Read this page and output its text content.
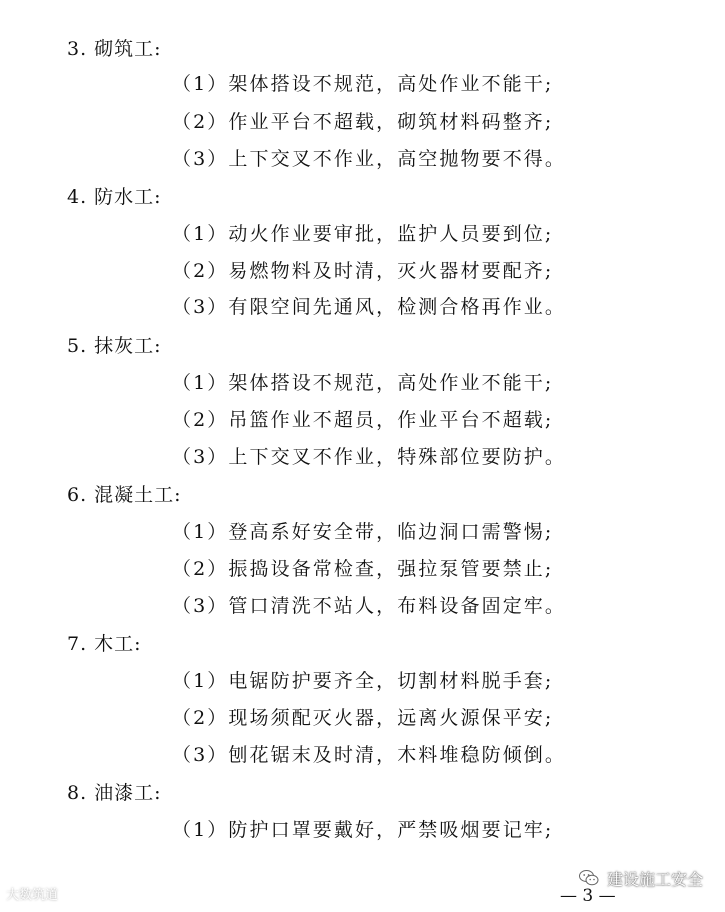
3. 砌筑工:
（1）架体搭设不规范，高处作业不能干;
（2）作业平台不超载，砌筑材料码整齐;
（3）上下交叉不作业，高空抛物要不得。
4. 防水工:
（1）动火作业要审批，监护人员要到位;
（2）易燃物料及时清，灭火器材要配齐;
（3）有限空间先通风，检测合格再作业。
5. 抹灰工:
（1）架体搭设不规范，高处作业不能干;
（2）吊篮作业不超员，作业平台不超载;
（3）上下交叉不作业，特殊部位要防护。
6. 混凝土工:
（1）登高系好安全带，临边洞口需警惕;
（2）振捣设备常检查，强拉泵管要禁止;
（3）管口清洗不站人，布料设备固定牢。
7. 木工:
（1）电锯防护要齐全，切割材料脱手套;
（2）现场须配灭火器，远离火源保平安;
（3）刨花锯末及时清，木料堆稳防倾倒。
8. 油漆工:
（1）防护口罩要戴好，严禁吸烟要记牢;
大数筑道
建设施工安全
— 3 —
